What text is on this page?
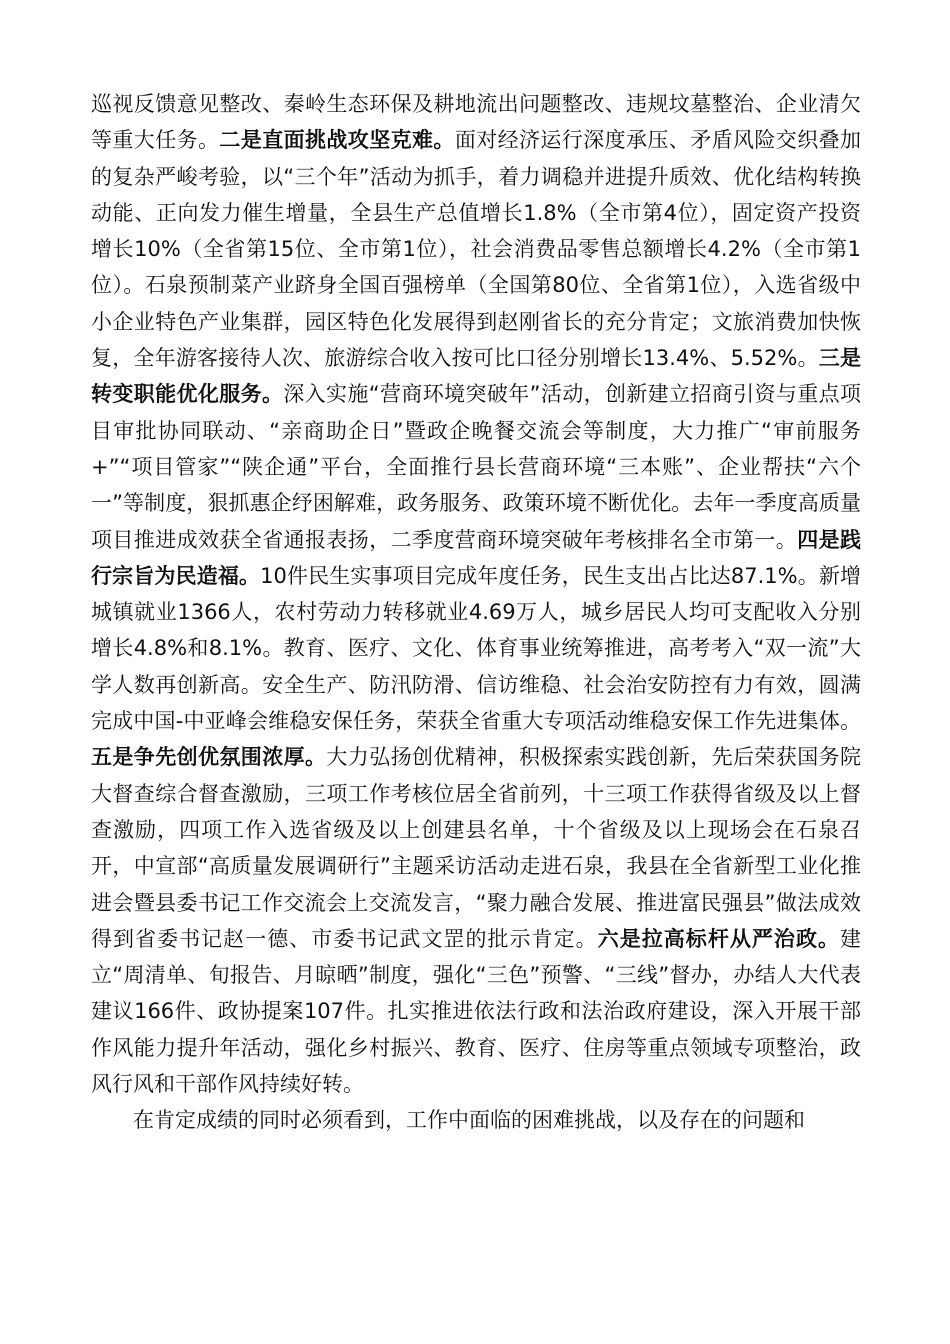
巡视反馈意见整改、秦岭生态环保及耕地流出问题整改、违规坟墓整治、企业清欠等重大任务。二是直面挑战攻坚克难。面对经济运行深度承压、矛盾风险交织叠加的复杂严峻考验，以“三个年”活动为抓手，着力调稳并进提升质效、优化结构转换动能、正向发力催生增量，全县生产总值增长1.8%（全市第4位），固定资产投资增长10%（全省第15位、全市第1位），社会消费品零售总额增长4.2%（全市第1位）。石泉预制菜产业跻身全国百强榜单（全国第80位、全省第1位），入选省级中小企业特色产业集群，园区特色化发展得到赵刚省长的充分肯定；文旅消费加快恢复，全年游客接待人次、旅游综合收入按可比口径分别增长13.4%、5.52%。三是转变职能优化服务。深入实施“营商环境突破年”活动，创新建立招商引资与重点项目审批协同联动、“亲商助企日”暨政企晚餐交流会等制度，大力推广“审前服务+”“项目管家”“陕企通”平台，全面推行县长营商环境“三本账”、企业帮扶“六个一”等制度，狠抓惠企纾困解难，政务服务、政策环境不断优化。去年一季度高质量项目推进成效获全省通报表扬，二季度营商环境突破年考核排名全市第一。四是践行宗旨为民造福。10件民生实事项目完成年度任务，民生支出占比达87.1%。新增城镇就业1366人，农村劳动力转移就业4.69万人，城乡居民人均可支配收入分别增长4.8%和8.1%。教育、医疗、文化、体育事业统筹推进，高考考入“双一流”大学人数再创新高。安全生产、防汛防滑、信访维稳、社会治安防控有力有效，圆满完成中国-中亚峰会维稳安保任务，荣获全省重大专项活动维稳安保工作先进集体。五是争先创优氛围浓厚。大力弘扬创优精神，积极探索实践创新，先后荣获国务院大督查综合督查激励，三项工作考核位居全省前列，十三项工作获得省级及以上督查激励，四项工作入选省级及以上创建县名单，十个省级及以上现场会在石泉召开，中宣部“高质量发展调研行”主题采访活动走进石泉，我县在全省新型工业化推进会暨县委书记工作交流会上交流发言，“聚力融合发展、推进富民强县”做法成效得到省委书记赵一德、市委书记武文罡的批示肯定。六是拉高标杆从严治政。建立“周清单、旬报告、月晾晒”制度，强化“三色”预警、“三线”督办，办结人大代表建议166件、政协提案107件。扎实推进依法行政和法治政府建设，深入开展干部作风能力提升年活动，强化乡村振兴、教育、医疗、住房等重点领域专项整治，政风行风和干部作风持续好转。

在肯定成绩的同时必须看到，工作中面临的困难挑战，以及存在的问题和
